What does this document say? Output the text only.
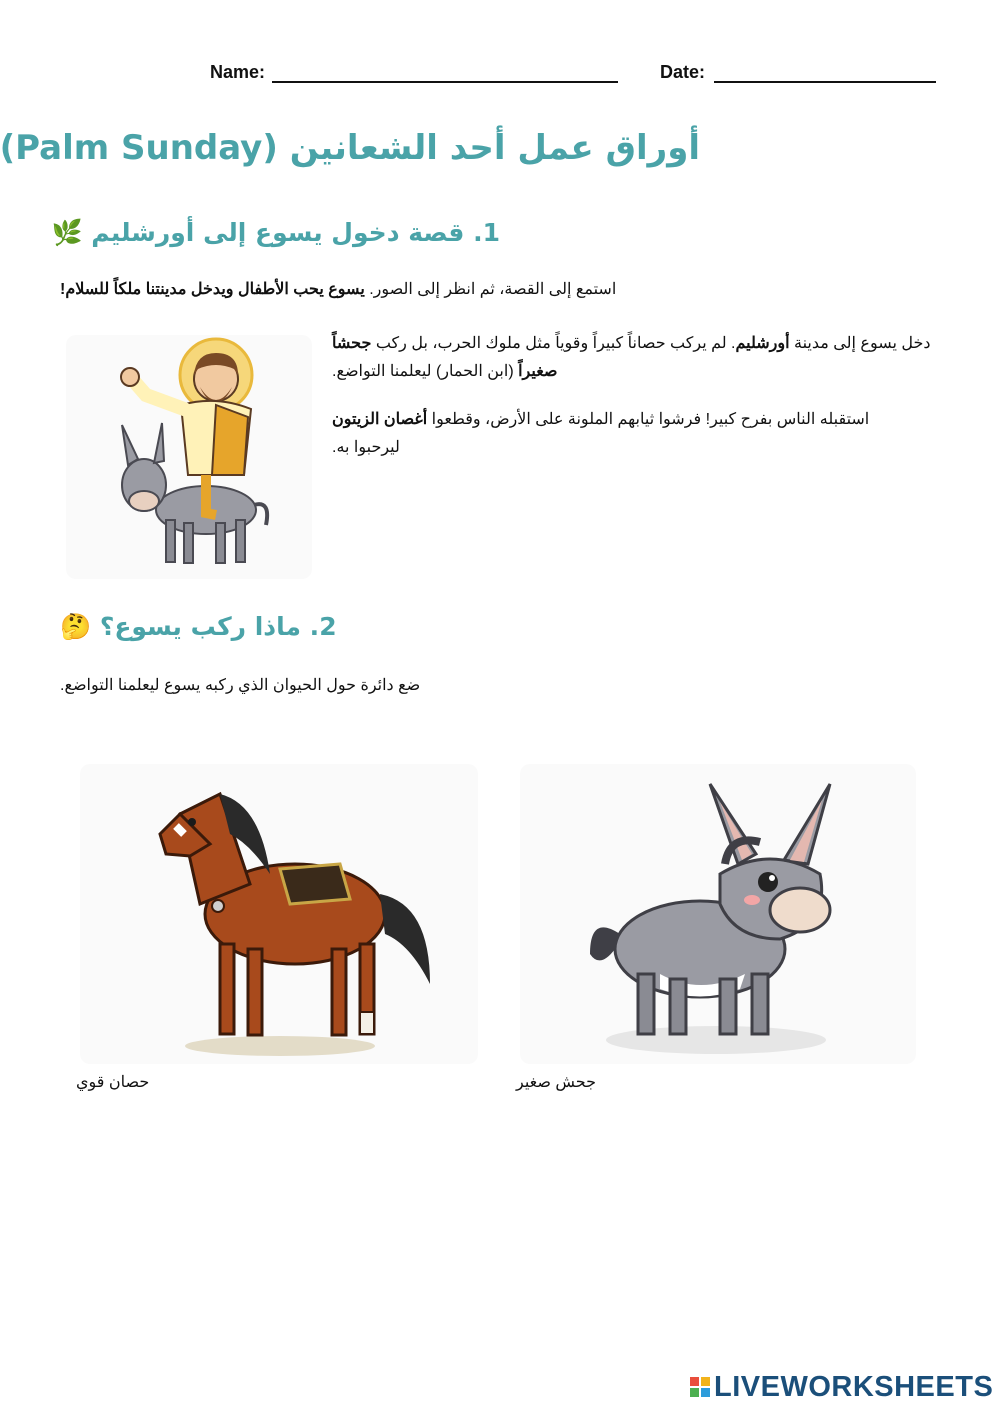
Name:	Date:
أوراق عمل أحد الشعانين (Palm Sunday)
1. قصة دخول يسوع إلى أورشليم 🌿
استمع إلى القصة، ثم انظر إلى الصور. يسوع يحب الأطفال ويدخل مدينتنا ملكاً للسلام!
دخل يسوع إلى مدينة أورشليم. لم يركب حصاناً كبيراً وقوياً مثل ملوك الحرب، بل ركب جحشاً صغيراً (ابن الحمار) ليعلمنا التواضع.
استقبله الناس بفرح كبير! فرشوا ثيابهم الملونة على الأرض، وقطعوا أغصان الزيتون ليرحبوا به.
2. ماذا ركب يسوع؟ 🤔
ضع دائرة حول الحيوان الذي ركبه يسوع ليعلمنا التواضع.
حصان قوي	جحش صغير
LIVEWORKSHEETS
